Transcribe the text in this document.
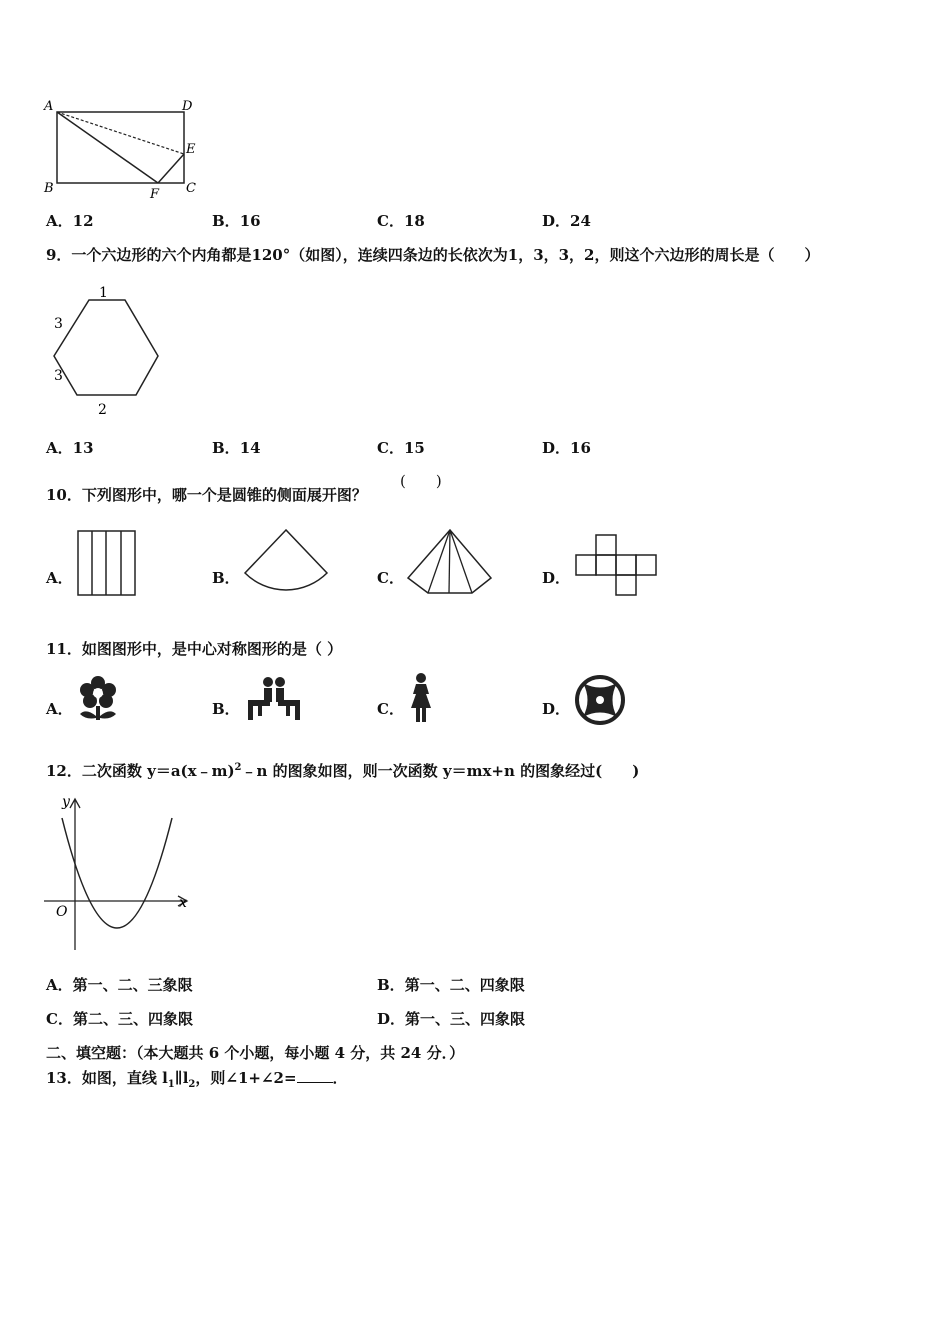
A	D
E
B	C
F
A．12	B．16	C．18	D．24
9．一个六边形的六个内角都是120°（如图），连续四条边的长依次为1，3，3，2，则这个六边形的周长是（　　）
1
3
3
2
A．13	B．14	C．15	D．16
(　　)
10．下列图形中，哪一个是圆锥的侧面展开图？
A．	B．	C．	D．
11．如图图形中，是中心对称图形的是（ ）
A．	B．	C．	D．
12．二次函数 y＝a(x﹣m)$^2$﹣n 的图象如图，则一次函数 y＝mx+n 的图象经过(　　)
y
x
O
A．第一、二、三象限	B．第一、二、四象限
C．第二、三、四象限	D．第一、三、四象限
二、填空题：（本大题共 6 个小题，每小题 4 分，共 24 分．）
13．如图，直线 $l_1\parallel l_2$，则∠1+∠2= ．
